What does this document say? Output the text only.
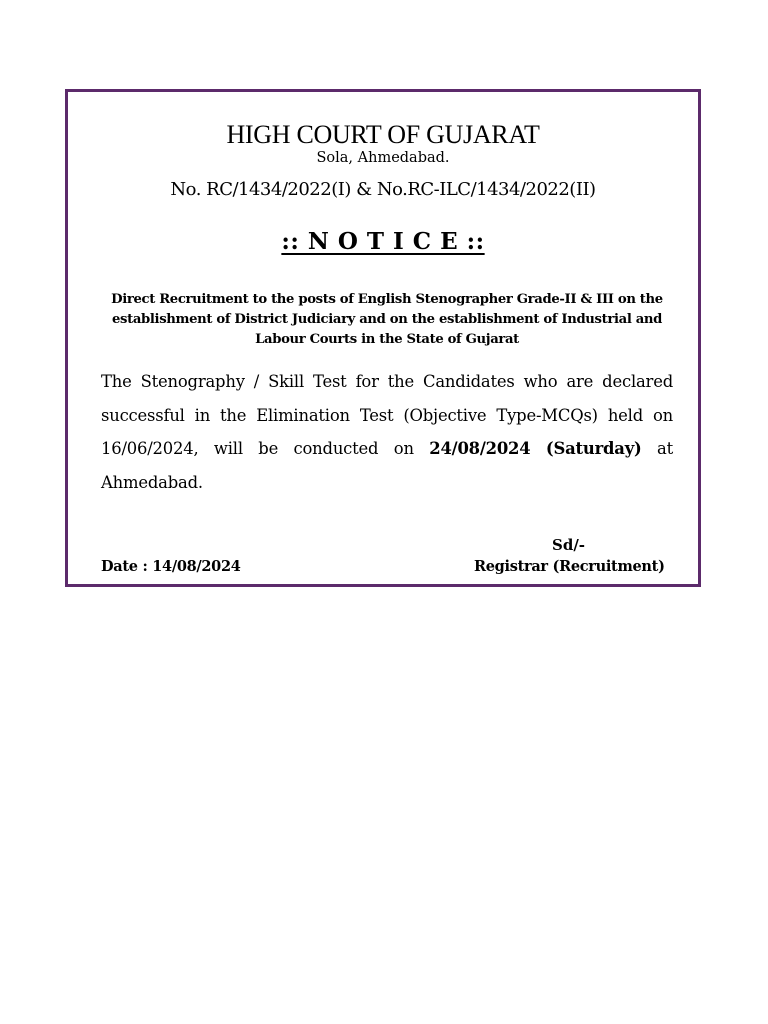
HIGH COURT OF GUJARAT
Sola, Ahmedabad.
No. RC/1434/2022(I) & No.RC-ILC/1434/2022(II)
:: N O T I C E ::
Direct Recruitment to the posts of English Stenographer Grade-II & III on the establishment of District Judiciary and on the establishment of Industrial and Labour Courts in the State of Gujarat
The Stenography / Skill Test for the Candidates who are declared successful in the Elimination Test (Objective Type-MCQs) held on 16/06/2024, will be conducted on 24/08/2024 (Saturday) at Ahmedabad.
Sd/-
Date : 14/08/2024	Registrar (Recruitment)
